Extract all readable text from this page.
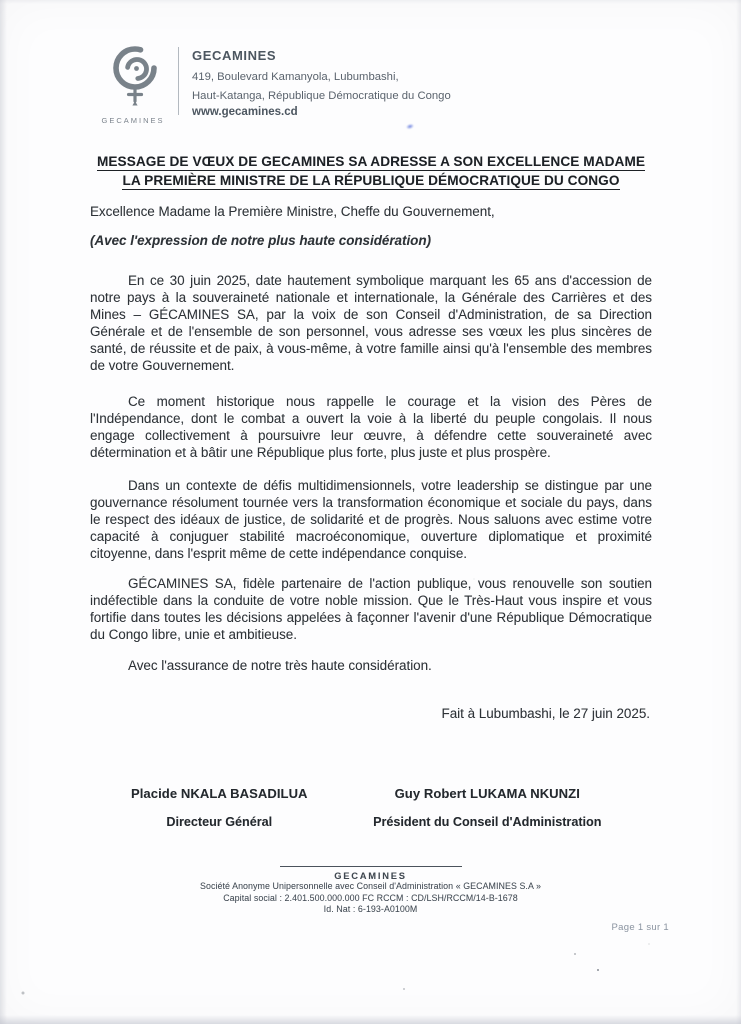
GECAMINES
GECAMINES
419, Boulevard Kamanyola, Lubumbashi,
Haut-Katanga, République Démocratique du Congo
www.gecamines.cd
MESSAGE DE VŒUX DE GECAMINES SA ADRESSE A SON EXCELLENCE MADAME
LA PREMIÈRE MINISTRE DE LA RÉPUBLIQUE DÉMOCRATIQUE DU CONGO

Excellence Madame la Première Ministre, Cheffe du Gouvernement,

(Avec l'expression de notre plus haute considération)

En ce 30 juin 2025, date hautement symbolique marquant les 65 ans d'accession de notre pays à la souveraineté nationale et internationale, la Générale des Carrières et des Mines – GÉCAMINES SA, par la voix de son Conseil d'Administration, de sa Direction Générale et de l'ensemble de son personnel, vous adresse ses vœux les plus sincères de santé, de réussite et de paix, à vous-même, à votre famille ainsi qu'à l'ensemble des membres de votre Gouvernement.

Ce moment historique nous rappelle le courage et la vision des Pères de l'Indépendance, dont le combat a ouvert la voie à la liberté du peuple congolais. Il nous engage collectivement à poursuivre leur œuvre, à défendre cette souveraineté avec détermination et à bâtir une République plus forte, plus juste et plus prospère.

Dans un contexte de défis multidimensionnels, votre leadership se distingue par une gouvernance résolument tournée vers la transformation économique et sociale du pays, dans le respect des idéaux de justice, de solidarité et de progrès. Nous saluons avec estime votre capacité à conjuguer stabilité macroéconomique, ouverture diplomatique et proximité citoyenne, dans l'esprit même de cette indépendance conquise.

GÉCAMINES SA, fidèle partenaire de l'action publique, vous renouvelle son soutien indéfectible dans la conduite de votre noble mission. Que le Très-Haut vous inspire et vous fortifie dans toutes les décisions appelées à façonner l'avenir d'une République Démocratique du Congo libre, unie et ambitieuse.

Avec l'assurance de notre très haute considération.

Fait à Lubumbashi, le 27 juin 2025.

Placide NKALA BASADILUA
Directeur Général
Guy Robert LUKAMA NKUNZI
Président du Conseil d'Administration
GECAMINES
Société Anonyme Unipersonnelle avec Conseil d'Administration « GECAMINES S.A »
Capital social : 2.401.500.000.000 FC RCCM : CD/LSH/RCCM/14-B-1678
Id. Nat : 6-193-A0100M
Page 1 sur 1
